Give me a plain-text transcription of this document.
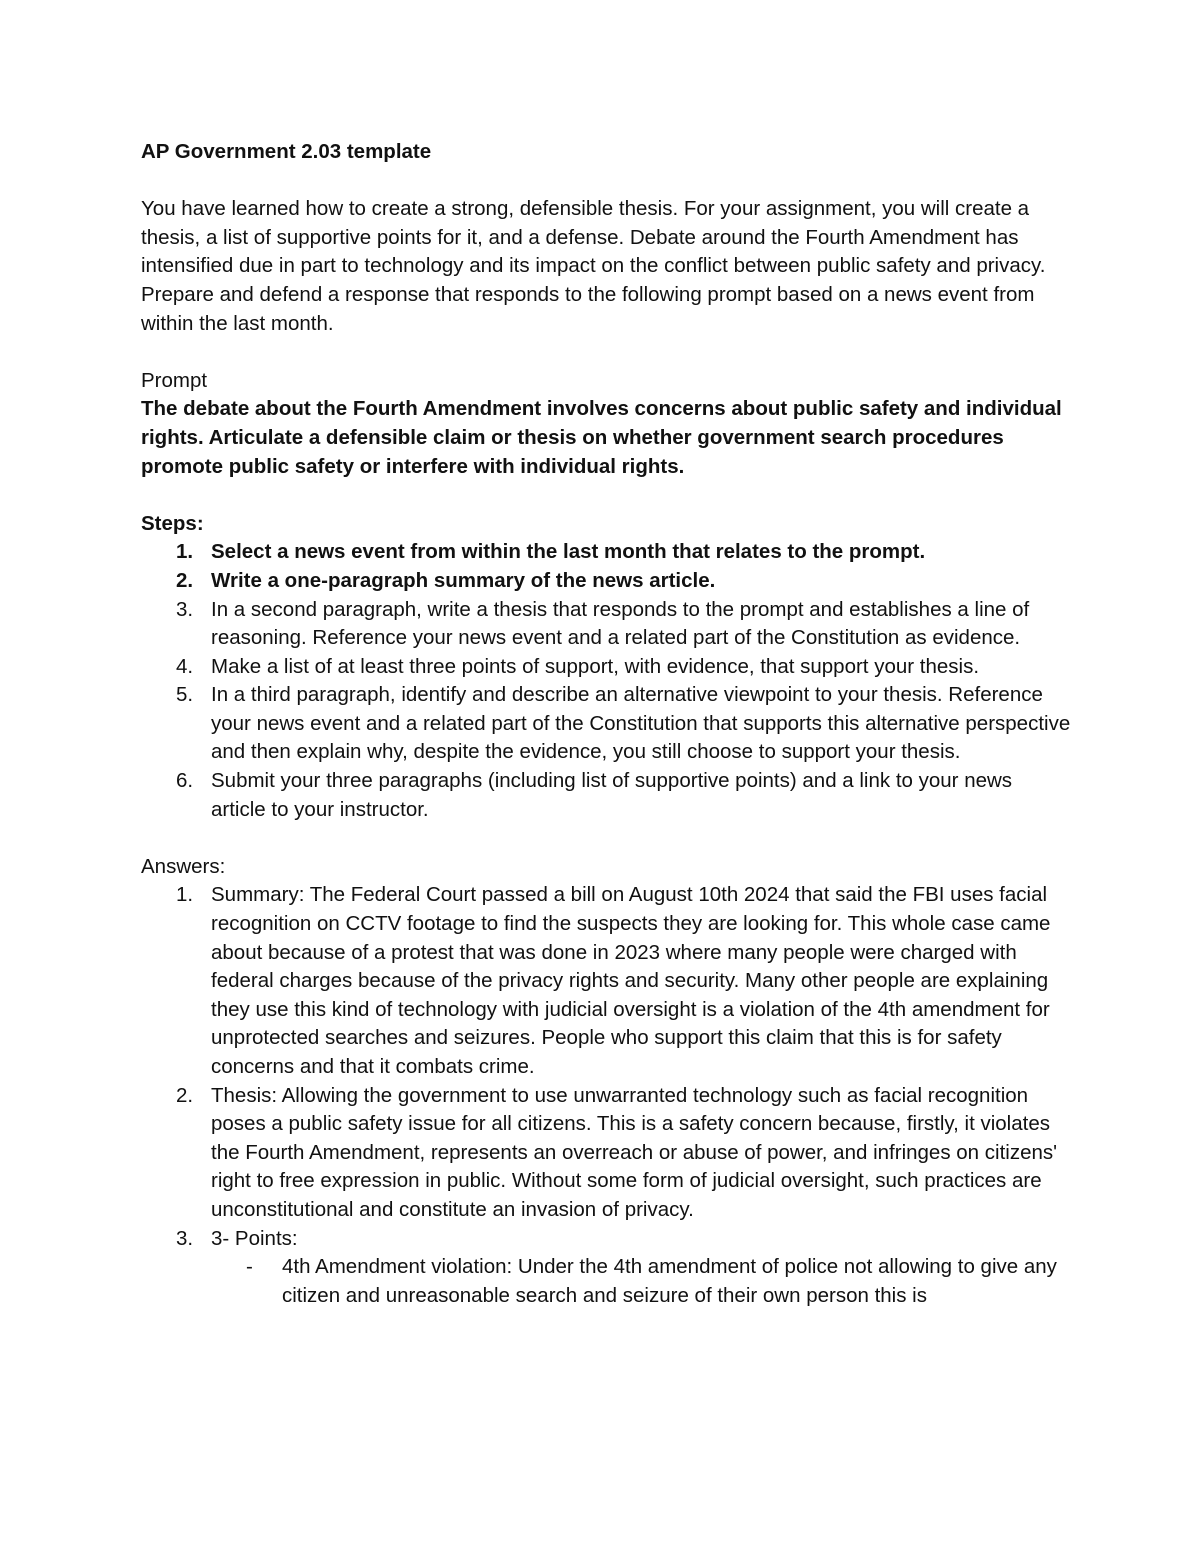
AP Government 2.03 template

You have learned how to create a strong, defensible thesis. For your assignment, you will create a thesis, a list of supportive points for it, and a defense. Debate around the Fourth Amendment has intensified due in part to technology and its impact on the conflict between public safety and privacy. Prepare and defend a response that responds to the following prompt based on a news event from within the last month.

Prompt

The debate about the Fourth Amendment involves concerns about public safety and individual rights. Articulate a defensible claim or thesis on whether government search procedures promote public safety or interfere with individual rights.

Steps:

1. Select a news event from within the last month that relates to the prompt.
2. Write a one-paragraph summary of the news article.
3. In a second paragraph, write a thesis that responds to the prompt and establishes a line of reasoning. Reference your news event and a related part of the Constitution as evidence.
4. Make a list of at least three points of support, with evidence, that support your thesis.
5. In a third paragraph, identify and describe an alternative viewpoint to your thesis. Reference your news event and a related part of the Constitution that supports this alternative perspective and then explain why, despite the evidence, you still choose to support your thesis.
6. Submit your three paragraphs (including list of supportive points) and a link to your news article to your instructor.

Answers:

1. Summary: The Federal Court passed a bill on August 10th 2024 that said the FBI uses facial recognition on CCTV footage to find the suspects they are looking for. This whole case came about because of a protest that was done in 2023 where many people were charged with federal charges because of the privacy rights and security. Many other people are explaining they use this kind of technology with judicial oversight is a violation of the 4th amendment for unprotected searches and seizures. People who support this claim that this is for safety concerns and that it combats crime.
2. Thesis: Allowing the government to use unwarranted technology such as facial recognition poses a public safety issue for all citizens. This is a safety concern because, firstly, it violates the Fourth Amendment, represents an overreach or abuse of power, and infringes on citizens' right to free expression in public. Without some form of judicial oversight, such practices are unconstitutional and constitute an invasion of privacy.
3. 3- Points:
- 4th Amendment violation: Under the 4th amendment of police not allowing to give any citizen and unreasonable search and seizure of their own person this is
